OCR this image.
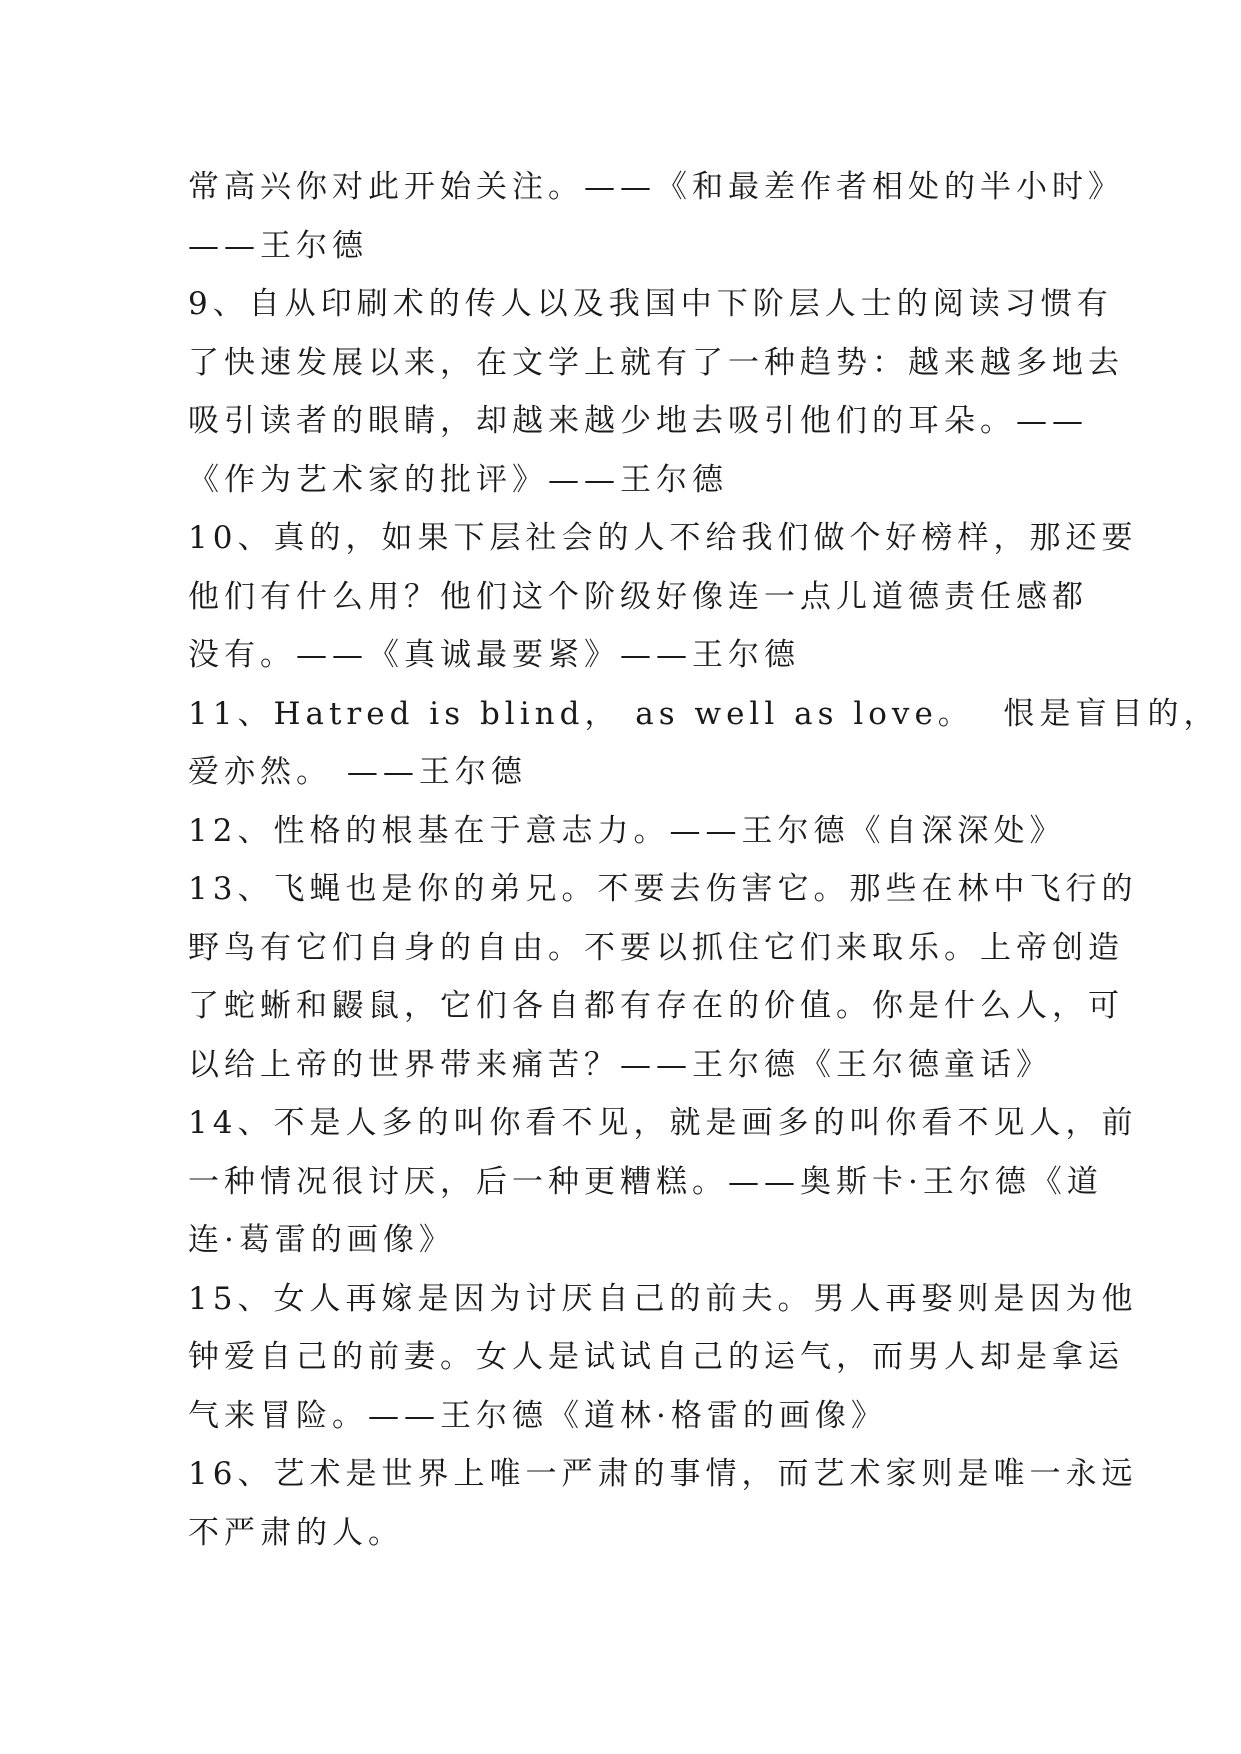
常高兴你对此开始关注。——《和最差作者相处的半小时》
——王尔德
9、自从印刷术的传人以及我国中下阶层人士的阅读习惯有
了快速发展以来，在文学上就有了一种趋势：越来越多地去
吸引读者的眼睛，却越来越少地去吸引他们的耳朵。——
《作为艺术家的批评》——王尔德
10、真的，如果下层社会的人不给我们做个好榜样，那还要
他们有什么用？他们这个阶级好像连一点儿道德责任感都
没有。——《真诚最要紧》——王尔德
11、Hatred is blind， as well as love。  恨是盲目的，
爱亦然。 ——王尔德
12、性格的根基在于意志力。——王尔德《自深深处》
13、飞蝇也是你的弟兄。不要去伤害它。那些在林中飞行的
野鸟有它们自身的自由。不要以抓住它们来取乐。上帝创造
了蛇蜥和鼹鼠，它们各自都有存在的价值。你是什么人，可
以给上帝的世界带来痛苦？——王尔德《王尔德童话》
14、不是人多的叫你看不见，就是画多的叫你看不见人，前
一种情况很讨厌，后一种更糟糕。——奥斯卡·王尔德《道
连·葛雷的画像》
15、女人再嫁是因为讨厌自己的前夫。男人再娶则是因为他
钟爱自己的前妻。女人是试试自己的运气，而男人却是拿运
气来冒险。——王尔德《道林·格雷的画像》
16、艺术是世界上唯一严肃的事情，而艺术家则是唯一永远
不严肃的人。
